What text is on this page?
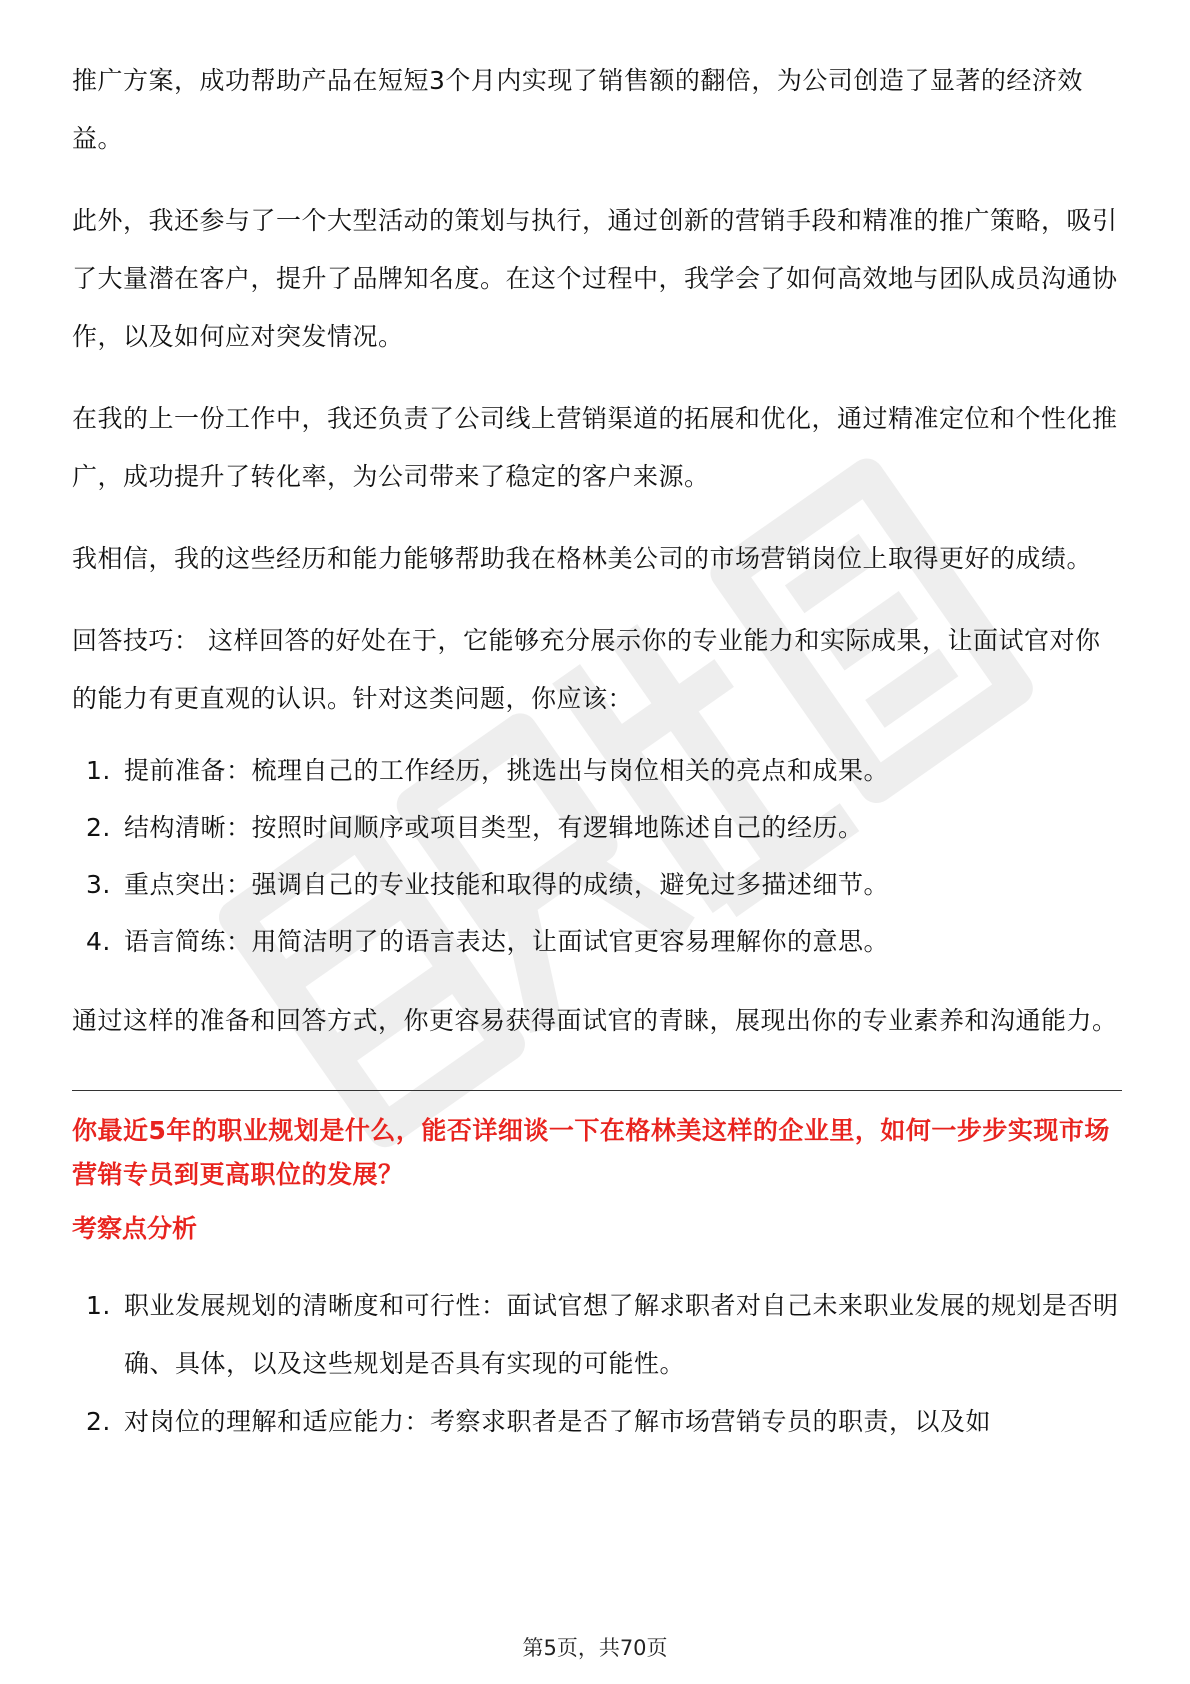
推广方案，成功帮助产品在短短3个月内实现了销售额的翻倍，为公司创造了显著的经济效益。

此外，我还参与了一个大型活动的策划与执行，通过创新的营销手段和精准的推广策略，吸引了大量潜在客户，提升了品牌知名度。在这个过程中，我学会了如何高效地与团队成员沟通协作，以及如何应对突发情况。

在我的上一份工作中，我还负责了公司线上营销渠道的拓展和优化，通过精准定位和个性化推广，成功提升了转化率，为公司带来了稳定的客户来源。

我相信，我的这些经历和能力能够帮助我在格林美公司的市场营销岗位上取得更好的成绩。

回答技巧： 这样回答的好处在于，它能够充分展示你的专业能力和实际成果，让面试官对你的能力有更直观的认识。针对这类问题，你应该：

1. 提前准备：梳理自己的工作经历，挑选出与岗位相关的亮点和成果。
2. 结构清晰：按照时间顺序或项目类型，有逻辑地陈述自己的经历。
3. 重点突出：强调自己的专业技能和取得的成绩，避免过多描述细节。
4. 语言简练：用简洁明了的语言表达，让面试官更容易理解你的意思。

通过这样的准备和回答方式，你更容易获得面试官的青睐，展现出你的专业素养和沟通能力。

你最近5年的职业规划是什么，能否详细谈一下在格林美这样的企业里，如何一步步实现市场营销专员到更高职位的发展？

考察点分析

1. 职业发展规划的清晰度和可行性：面试官想了解求职者对自己未来职业发展的规划是否明确、具体，以及这些规划是否具有实现的可能性。
2. 对岗位的理解和适应能力：考察求职者是否了解市场营销专员的职责，以及如
第5页，共70页
